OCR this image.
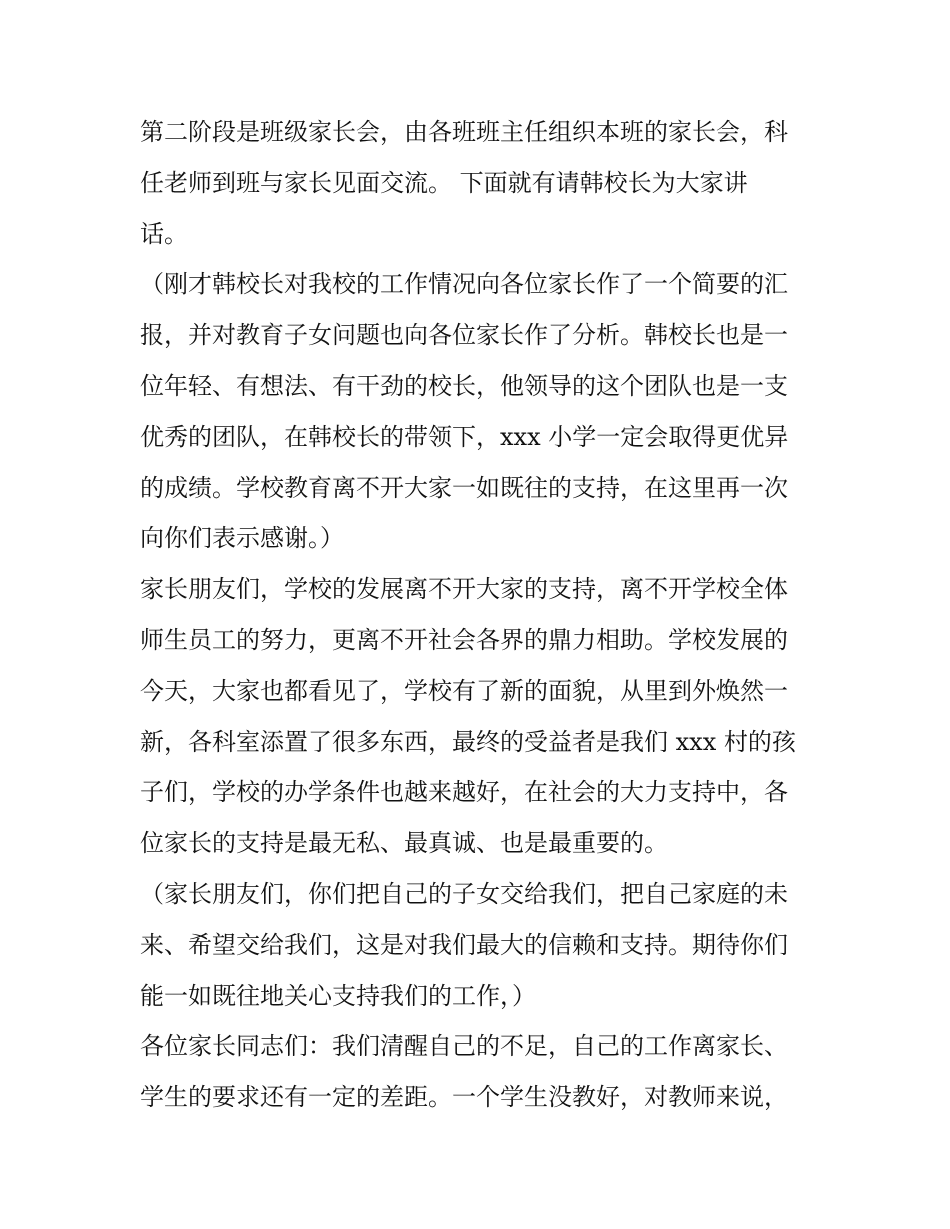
第二阶段是班级家长会，由各班班主任组织本班的家长会，科
任老师到班与家长见面交流。 下面就有请韩校长为大家讲
话。
（刚才韩校长对我校的工作情况向各位家长作了一个简要的汇
报，并对教育子女问题也向各位家长作了分析。韩校长也是一
位年轻、有想法、有干劲的校长，他领导的这个团队也是一支
优秀的团队，在韩校长的带领下，xxx 小学一定会取得更优异
的成绩。学校教育离不开大家一如既往的支持，在这里再一次
向你们表示感谢。）
家长朋友们，学校的发展离不开大家的支持，离不开学校全体
师生员工的努力，更离不开社会各界的鼎力相助。学校发展的
今天，大家也都看见了，学校有了新的面貌，从里到外焕然一
新，各科室添置了很多东西，最终的受益者是我们 xxx 村的孩
子们，学校的办学条件也越来越好，在社会的大力支持中，各
位家长的支持是最无私、最真诚、也是最重要的。
（家长朋友们，你们把自己的子女交给我们，把自己家庭的未
来、希望交给我们，这是对我们最大的信赖和支持。期待你们
能一如既往地关心支持我们的工作，）
各位家长同志们：我们清醒自己的不足，自己的工作离家长、
学生的要求还有一定的差距。一个学生没教好，对教师来说，
